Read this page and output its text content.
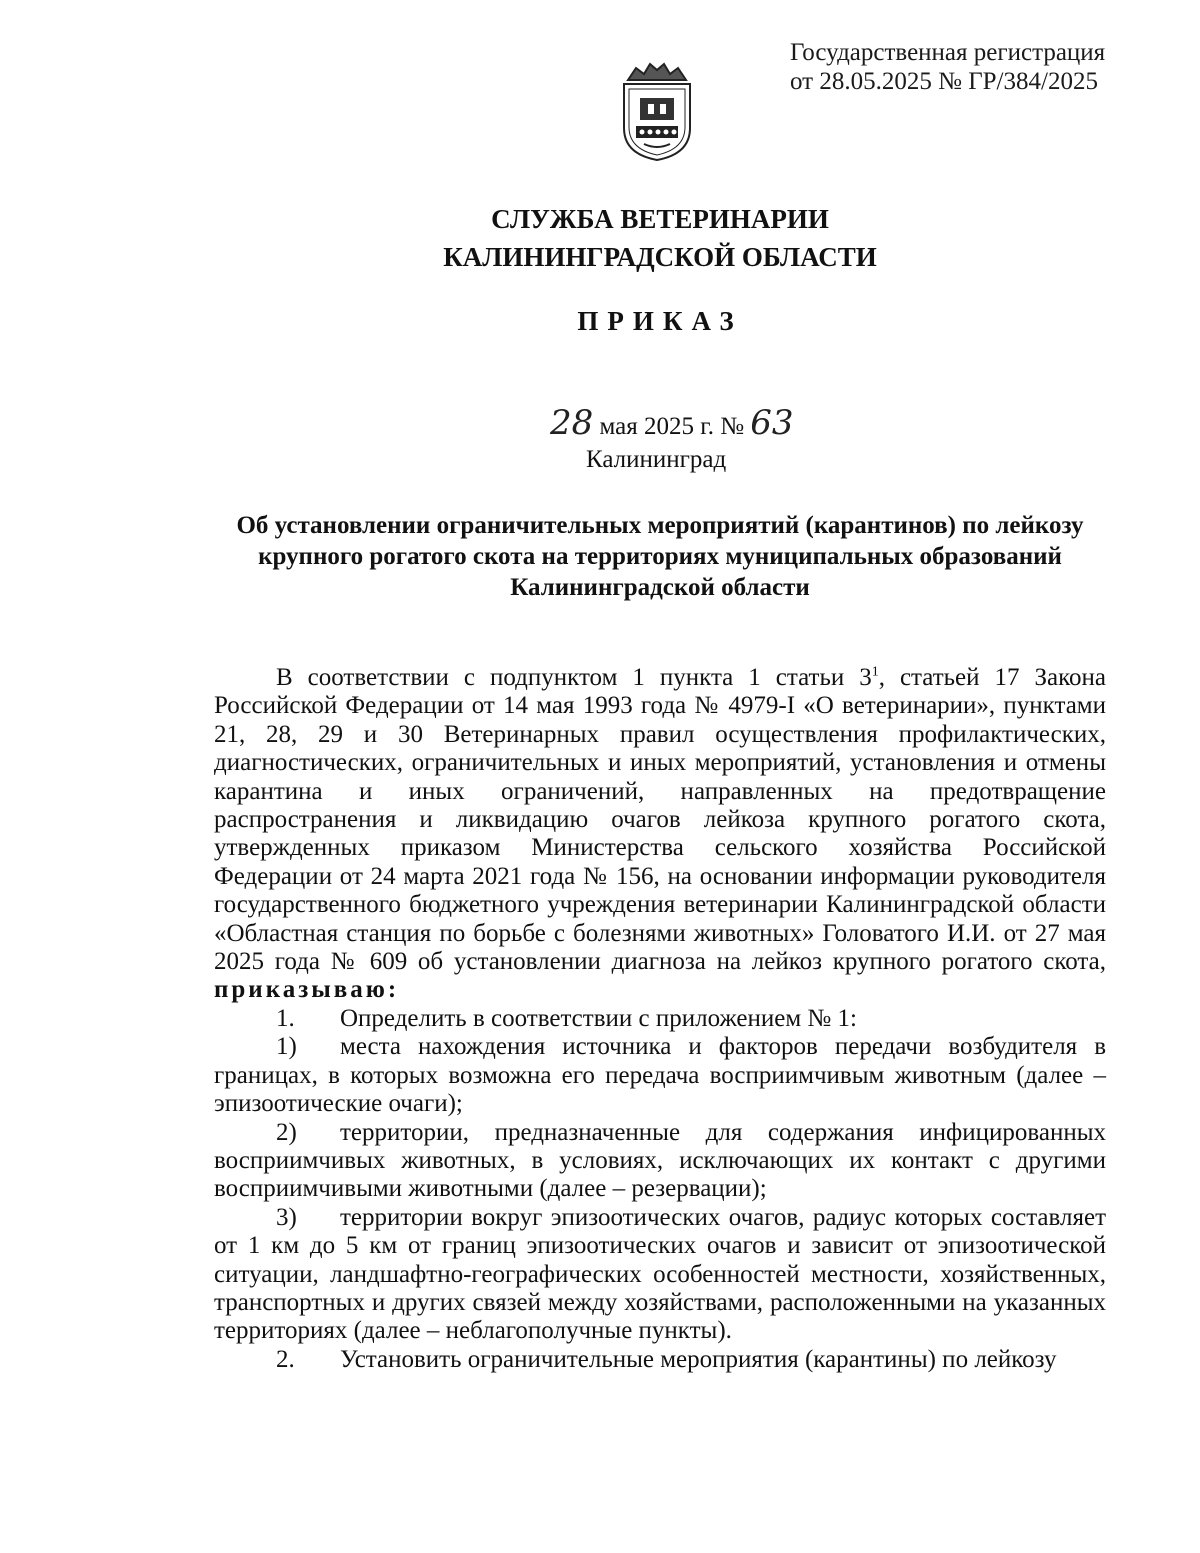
Государственная регистрация
от 28.05.2025 № ГР/384/2025
СЛУЖБА ВЕТЕРИНАРИИ
КАЛИНИНГРАДСКОЙ ОБЛАСТИ
ПРИКАЗ
28 мая 2025 г. № 63
Калининград
Об установлении ограничительных мероприятий (карантинов) по лейкозу
крупного рогатого скота на территориях муниципальных образований
Калининградской области

В соответствии с подпунктом 1 пункта 1 статьи $3^1$, статьей 17 Закона Российской Федерации от 14 мая 1993 года № 4979-I «О ветеринарии», пунктами 21, 28, 29 и 30 Ветеринарных правил осуществления профилактических, диагностических, ограничительных и иных мероприятий, установления и отмены карантина и иных ограничений, направленных на предотвращение распространения и ликвидацию очагов лейкоза крупного рогатого скота, утвержденных приказом Министерства сельского хозяйства Российской Федерации от 24 марта 2021 года № 156, на основании информации руководителя государственного бюджетного учреждения ветеринарии Калининградской области «Областная станция по борьбе с болезнями животных» Головатого И.И. от 27 мая 2025 года № 609 об установлении диагноза на лейкоз крупного рогатого скота, приказываю:

1. Определить в соответствии с приложением № 1:

1) места нахождения источника и факторов передачи возбудителя в границах, в которых возможна его передача восприимчивым животным (далее – эпизоотические очаги);

2) территории, предназначенные для содержания инфицированных восприимчивых животных, в условиях, исключающих их контакт с другими восприимчивыми животными (далее – резервации);

3) территории вокруг эпизоотических очагов, радиус которых составляет от 1 км до 5 км от границ эпизоотических очагов и зависит от эпизоотической ситуации, ландшафтно-географических особенностей местности, хозяйственных, транспортных и других связей между хозяйствами, расположенными на указанных территориях (далее – неблагополучные пункты).

2. Установить ограничительные мероприятия (карантины) по лейкозу
